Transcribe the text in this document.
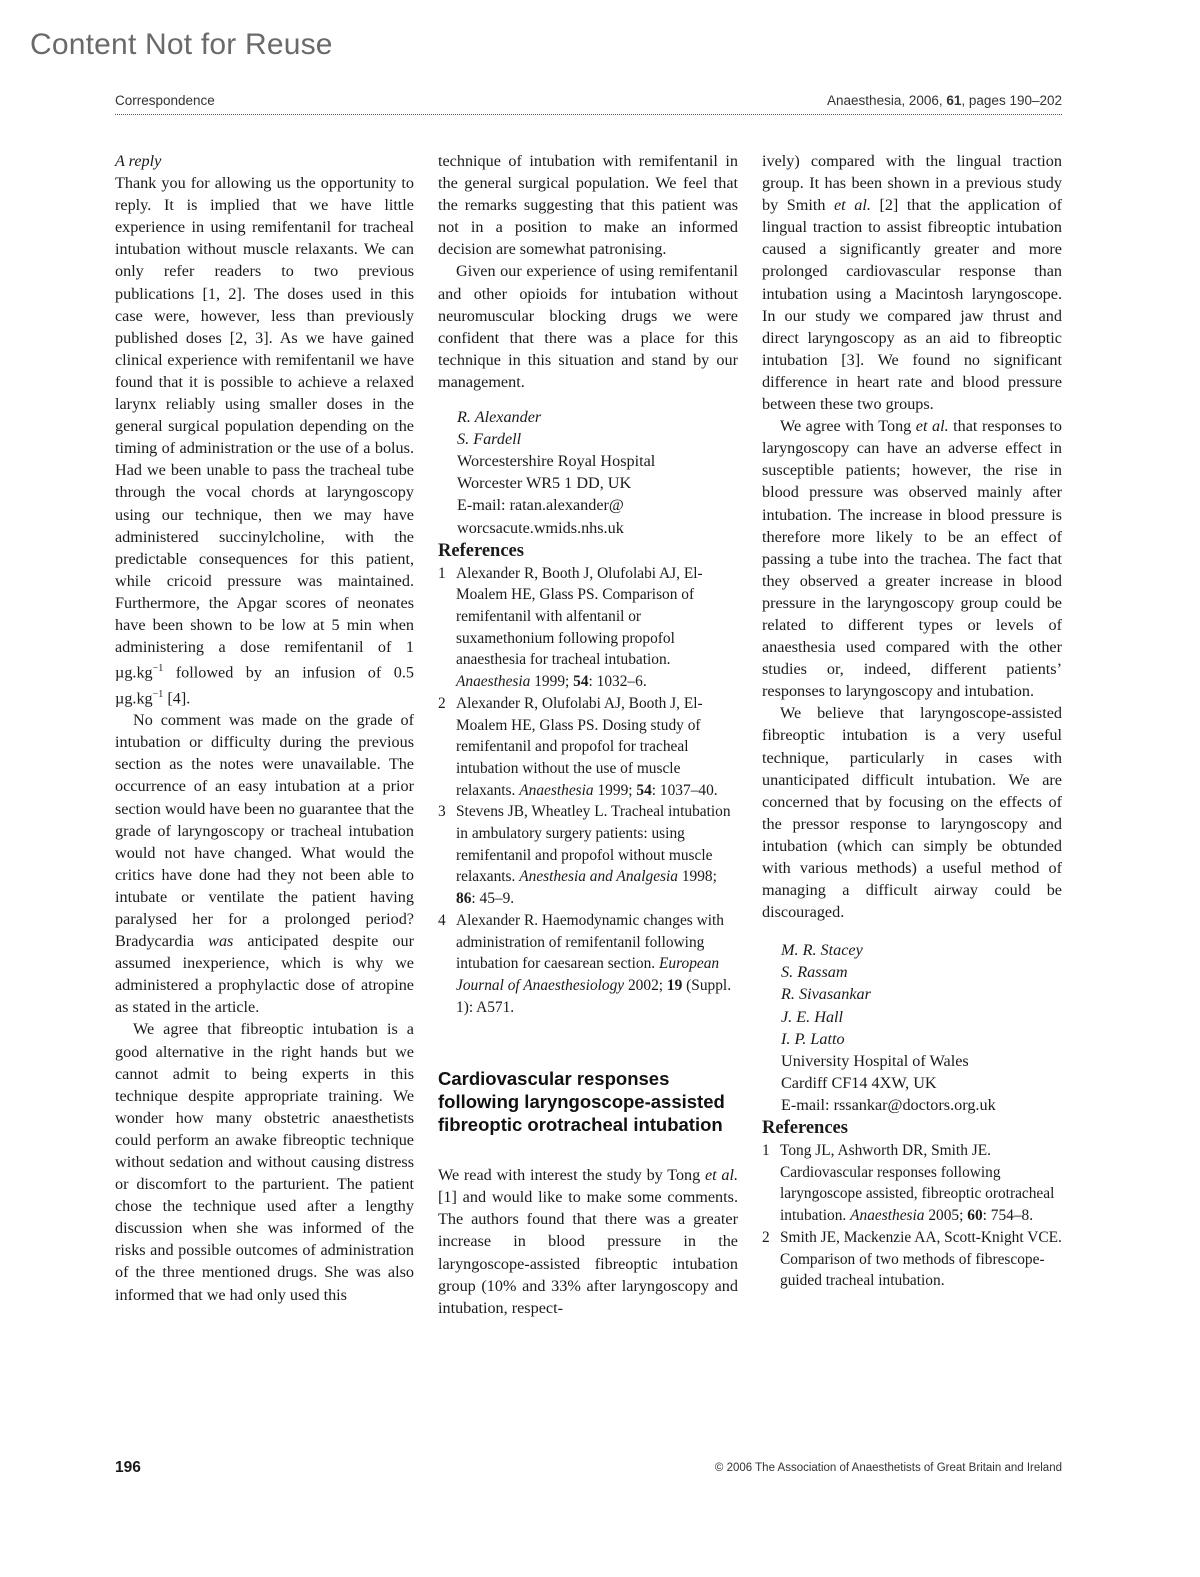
Content Not for Reuse
Correspondence	Anaesthesia, 2006, 61, pages 190–202

A reply

Thank you for allowing us the opportunity to reply. It is implied that we have little experience in using remifentanil for tracheal intubation without muscle relaxants. We can only refer readers to two previous publications [1, 2]. The doses used in this case were, however, less than previously published doses [2, 3]. As we have gained clinical experience with remifentanil we have found that it is possible to achieve a relaxed larynx reliably using smaller doses in the general surgical population depending on the timing of administration or the use of a bolus. Had we been unable to pass the tracheal tube through the vocal chords at laryngoscopy using our technique, then we may have administered succinylcholine, with the predictable consequences for this patient, while cricoid pressure was maintained. Furthermore, the Apgar scores of neonates have been shown to be low at 5 min when administering a dose remifentanil of 1 $\mu g.kg^{-1}$ followed by an infusion of 0.5 $\mu g.kg^{-1}$ [4].

No comment was made on the grade of intubation or difficulty during the previous section as the notes were unavailable. The occurrence of an easy intubation at a prior section would have been no guarantee that the grade of laryngoscopy or tracheal intubation would not have changed. What would the critics have done had they not been able to intubate or ventilate the patient having paralysed her for a prolonged period? Bradycardia was anticipated despite our assumed inexperience, which is why we administered a prophylactic dose of atropine as stated in the article.

We agree that fibreoptic intubation is a good alternative in the right hands but we cannot admit to being experts in this technique despite appropriate training. We wonder how many obstetric anaesthetists could perform an awake fibreoptic technique without sedation and without causing distress or discomfort to the parturient. The patient chose the technique used after a lengthy discussion when she was informed of the risks and possible outcomes of administration of the three mentioned drugs. She was also informed that we had only used this

technique of intubation with remifentanil in the general surgical population. We feel that the remarks suggesting that this patient was not in a position to make an informed decision are somewhat patronising.

Given our experience of using remifentanil and other opioids for intubation without neuromuscular blocking drugs we were confident that there was a place for this technique in this situation and stand by our management.

R. Alexander
S. Fardell
Worcestershire Royal Hospital
Worcester WR5 1 DD, UK
E-mail: ratan.alexander@
worcsacute.wmids.nhs.uk

References

1 Alexander R, Booth J, Olufolabi AJ, El-Moalem HE, Glass PS. Comparison of remifentanil with alfentanil or suxamethonium following propofol anaesthesia for tracheal intubation. Anaesthesia 1999; 54: 1032–6.
2 Alexander R, Olufolabi AJ, Booth J, El-Moalem HE, Glass PS. Dosing study of remifentanil and propofol for tracheal intubation without the use of muscle relaxants. Anaesthesia 1999; 54: 1037–40.
3 Stevens JB, Wheatley L. Tracheal intubation in ambulatory surgery patients: using remifentanil and propofol without muscle relaxants. Anesthesia and Analgesia 1998; 86: 45–9.
4 Alexander R. Haemodynamic changes with administration of remifentanil following intubation for caesarean section. European Journal of Anaesthesiology 2002; 19 (Suppl. 1): A571.
Cardiovascular responses following laryngoscope-assisted fibreoptic orotracheal intubation

We read with interest the study by Tong et al. [1] and would like to make some comments. The authors found that there was a greater increase in blood pressure in the laryngoscope-assisted fibreoptic intubation group (10% and 33% after laryngoscopy and intubation, respect-

ively) compared with the lingual traction group. It has been shown in a previous study by Smith et al. [2] that the application of lingual traction to assist fibreoptic intubation caused a significantly greater and more prolonged cardiovascular response than intubation using a Macintosh laryngoscope. In our study we compared jaw thrust and direct laryngoscopy as an aid to fibreoptic intubation [3]. We found no significant difference in heart rate and blood pressure between these two groups.

We agree with Tong et al. that responses to laryngoscopy can have an adverse effect in susceptible patients; however, the rise in blood pressure was observed mainly after intubation. The increase in blood pressure is therefore more likely to be an effect of passing a tube into the trachea. The fact that they observed a greater increase in blood pressure in the laryngoscopy group could be related to different types or levels of anaesthesia used compared with the other studies or, indeed, different patients’ responses to laryngoscopy and intubation.

We believe that laryngoscope-assisted fibreoptic intubation is a very useful technique, particularly in cases with unanticipated difficult intubation. We are concerned that by focusing on the effects of the pressor response to laryngoscopy and intubation (which can simply be obtunded with various methods) a useful method of managing a difficult airway could be discouraged.

M. R. Stacey
S. Rassam
R. Sivasankar
J. E. Hall
I. P. Latto
University Hospital of Wales
Cardiff CF14 4XW, UK
E-mail: rssankar@doctors.org.uk

References

1 Tong JL, Ashworth DR, Smith JE. Cardiovascular responses following laryngoscope assisted, fibreoptic orotracheal intubation. Anaesthesia 2005; 60: 754–8.
2 Smith JE, Mackenzie AA, Scott-Knight VCE. Comparison of two methods of fibrescope-guided tracheal intubation.
196	© 2006 The Association of Anaesthetists of Great Britain and Ireland
